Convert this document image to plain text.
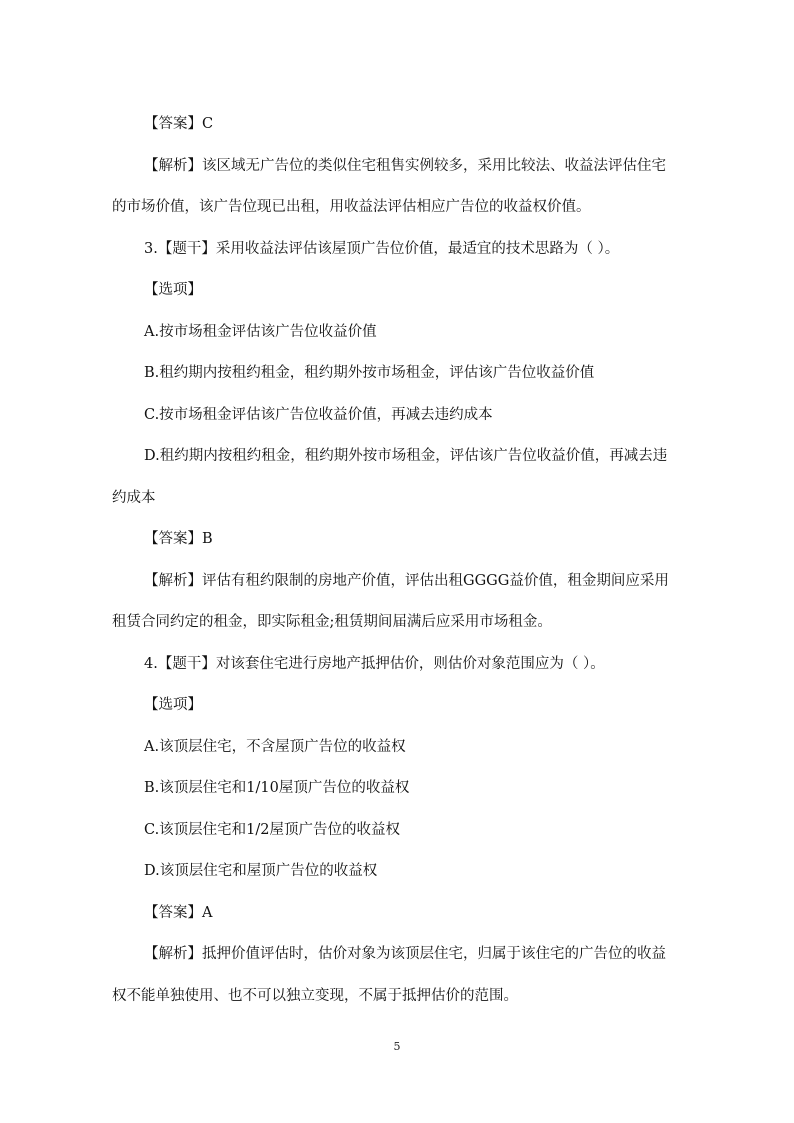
【答案】C

【解析】该区域无广告位的类似住宅租售实例较多，采用比较法、收益法评估住宅的市场价值，该广告位现已出租，用收益法评估相应广告位的收益权价值。

3.【题干】采用收益法评估该屋顶广告位价值，最适宜的技术思路为（ ）。

【选项】

A.按市场租金评估该广告位收益价值

B.租约期内按租约租金，租约期外按市场租金，评估该广告位收益价值

C.按市场租金评估该广告位收益价值，再减去违约成本

D.租约期内按租约租金，租约期外按市场租金，评估该广告位收益价值，再减去违约成本

【答案】B

【解析】评估有租约限制的房地产价值，评估出租GGGG益价值，租金期间应采用租赁合同约定的租金，即实际租金;租赁期间届满后应采用市场租金。

4.【题干】对该套住宅进行房地产抵押估价，则估价对象范围应为（ ）。

【选项】

A.该顶层住宅，不含屋顶广告位的收益权

B.该顶层住宅和1/10屋顶广告位的收益权

C.该顶层住宅和1/2屋顶广告位的收益权

D.该顶层住宅和屋顶广告位的收益权

【答案】A

【解析】抵押价值评估时，估价对象为该顶层住宅，归属于该住宅的广告位的收益权不能单独使用、也不可以独立变现，不属于抵押估价的范围。

5
